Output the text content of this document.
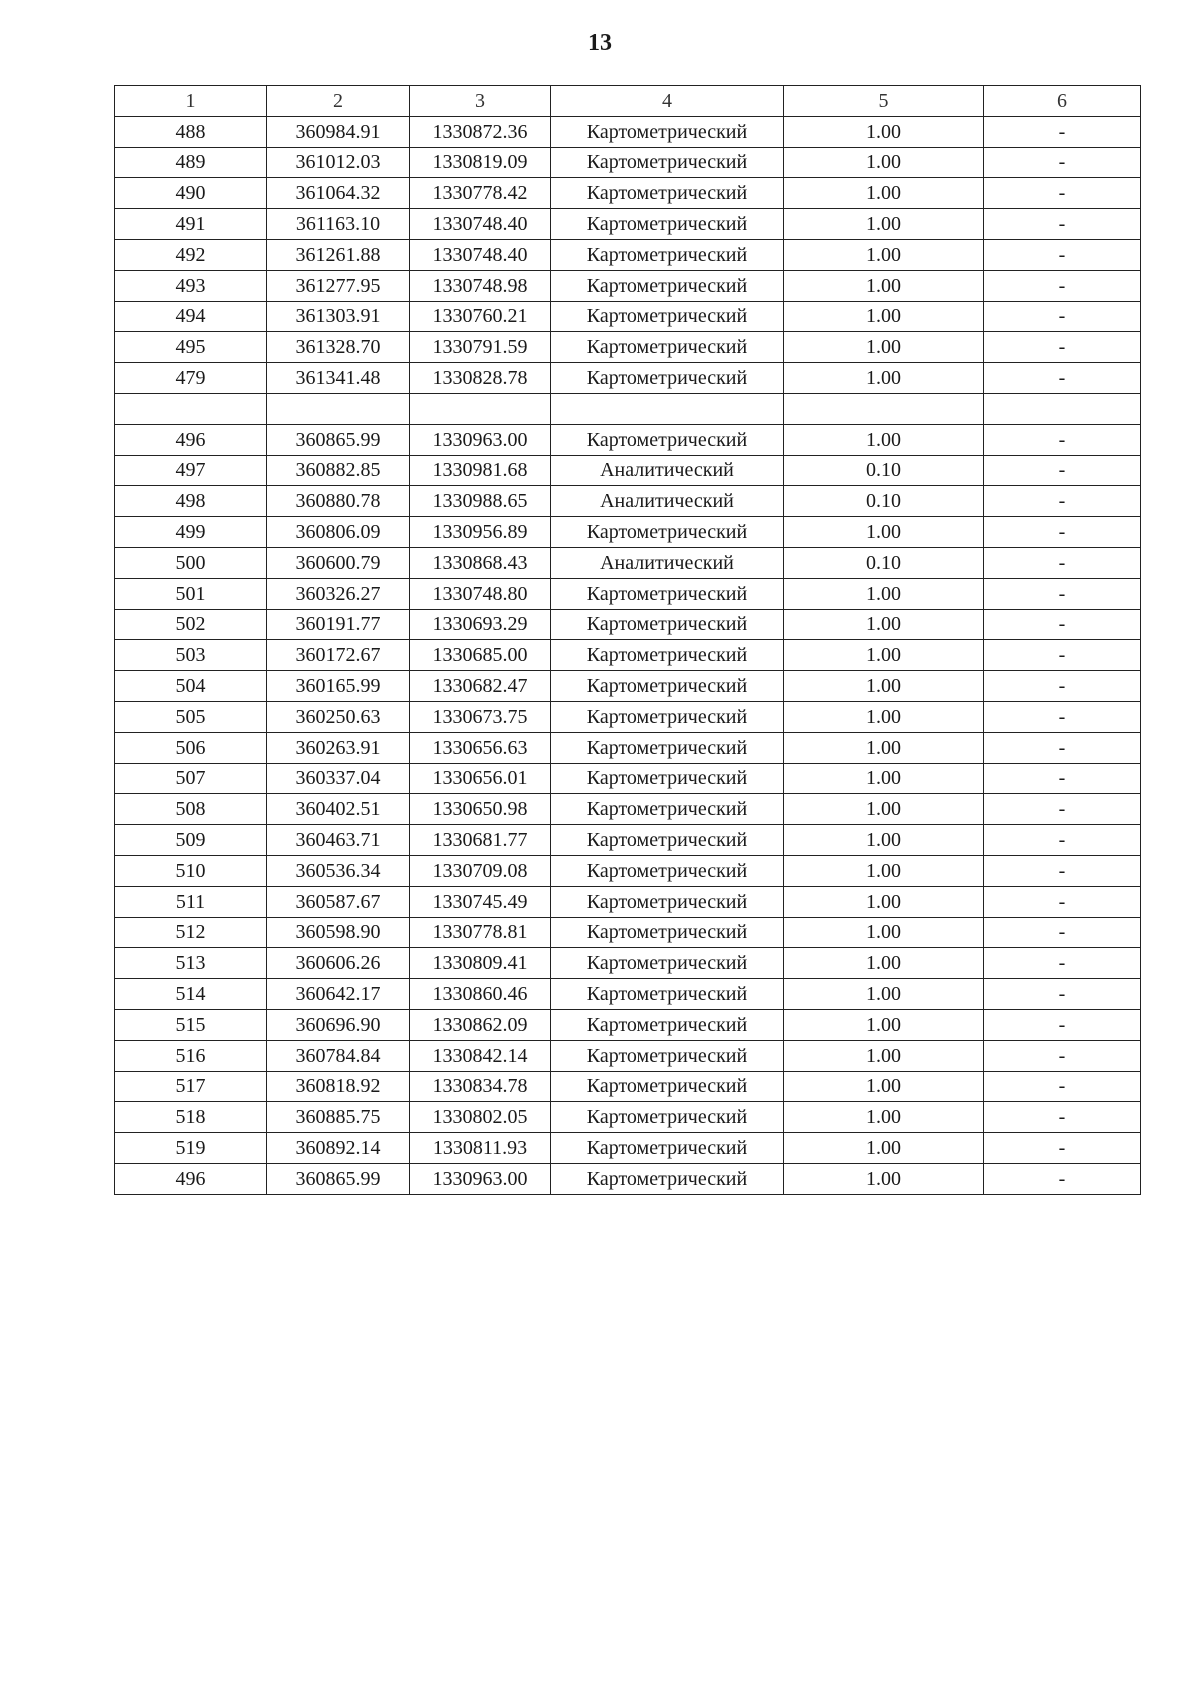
13
1	2	3	4	5	6
488	360984.91	1330872.36	Картометрический	1.00	-
489	361012.03	1330819.09	Картометрический	1.00	-
490	361064.32	1330778.42	Картометрический	1.00	-
491	361163.10	1330748.40	Картометрический	1.00	-
492	361261.88	1330748.40	Картометрический	1.00	-
493	361277.95	1330748.98	Картометрический	1.00	-
494	361303.91	1330760.21	Картометрический	1.00	-
495	361328.70	1330791.59	Картометрический	1.00	-
479	361341.48	1330828.78	Картометрический	1.00	-

496	360865.99	1330963.00	Картометрический	1.00	-
497	360882.85	1330981.68	Аналитический	0.10	-
498	360880.78	1330988.65	Аналитический	0.10	-
499	360806.09	1330956.89	Картометрический	1.00	-
500	360600.79	1330868.43	Аналитический	0.10	-
501	360326.27	1330748.80	Картометрический	1.00	-
502	360191.77	1330693.29	Картометрический	1.00	-
503	360172.67	1330685.00	Картометрический	1.00	-
504	360165.99	1330682.47	Картометрический	1.00	-
505	360250.63	1330673.75	Картометрический	1.00	-
506	360263.91	1330656.63	Картометрический	1.00	-
507	360337.04	1330656.01	Картометрический	1.00	-
508	360402.51	1330650.98	Картометрический	1.00	-
509	360463.71	1330681.77	Картометрический	1.00	-
510	360536.34	1330709.08	Картометрический	1.00	-
511	360587.67	1330745.49	Картометрический	1.00	-
512	360598.90	1330778.81	Картометрический	1.00	-
513	360606.26	1330809.41	Картометрический	1.00	-
514	360642.17	1330860.46	Картометрический	1.00	-
515	360696.90	1330862.09	Картометрический	1.00	-
516	360784.84	1330842.14	Картометрический	1.00	-
517	360818.92	1330834.78	Картометрический	1.00	-
518	360885.75	1330802.05	Картометрический	1.00	-
519	360892.14	1330811.93	Картометрический	1.00	-
496	360865.99	1330963.00	Картометрический	1.00	-
